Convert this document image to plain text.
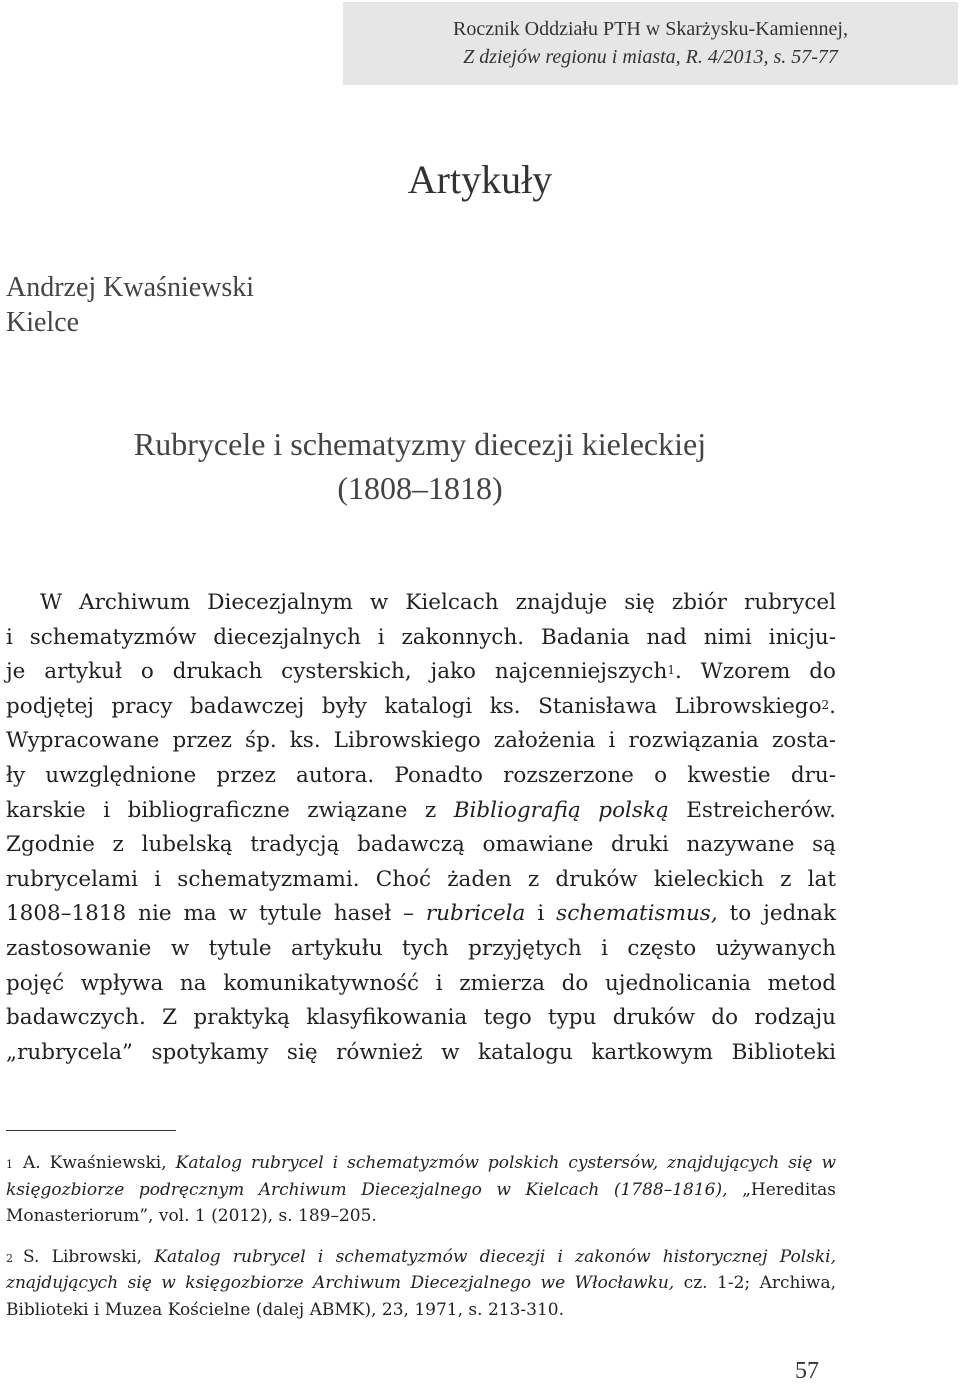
Rocznik Oddziału PTH w Skarżysku-Kamiennej,
Z dziejów regionu i miasta, R. 4/2013, s. 57-77
Artykuły
Andrzej Kwaśniewski
Kielce
Rubrycele i schematyzmy diecezji kieleckiej
(1808–1818)
W Archiwum Diecezjalnym w Kielcach znajduje się zbiór rubrycel
i schematyzmów diecezjalnych i zakonnych. Badania nad nimi inicju-
je artykuł o drukach cysterskich, jako najcenniejszych$^1$. Wzorem do
podjętej pracy badawczej były katalogi ks. Stanisława Librowskiego$^2$.
Wypracowane przez śp. ks. Librowskiego założenia i rozwiązania zosta-
ły uwzględnione przez autora. Ponadto rozszerzone o kwestie dru-
karskie i bibliograficzne związane z Bibliografią polską Estreicherów.
Zgodnie z lubelską tradycją badawczą omawiane druki nazywane są
rubrycelami i schematyzmami. Choć żaden z druków kieleckich z lat
1808–1818 nie ma w tytule haseł – rubricela i schematismus, to jednak
zastosowanie w tytule artykułu tych przyjętych i często używanych
pojęć wpływa na komunikatywność i zmierza do ujednolicania metod
badawczych. Z praktyką klasyfikowania tego typu druków do rodzaju
„rubrycela” spotykamy się również w katalogu kartkowym Biblioteki

$^1$ A. Kwaśniewski, Katalog rubrycel i schematyzmów polskich cystersów, znajdujących się w księgozbiorze podręcznym Archiwum Diecezjalnego w Kielcach (1788–1816), „Hereditas Monasteriorum”, vol. 1 (2012), s. 189–205.

$^2$ S. Librowski, Katalog rubrycel i schematyzmów diecezji i zakonów historycznej Polski, znajdujących się w księgozbiorze Archiwum Diecezjalnego we Włocławku, cz. 1-2; Archiwa, Biblioteki i Muzea Kościelne (dalej ABMK), 23, 1971, s. 213-310.

57
